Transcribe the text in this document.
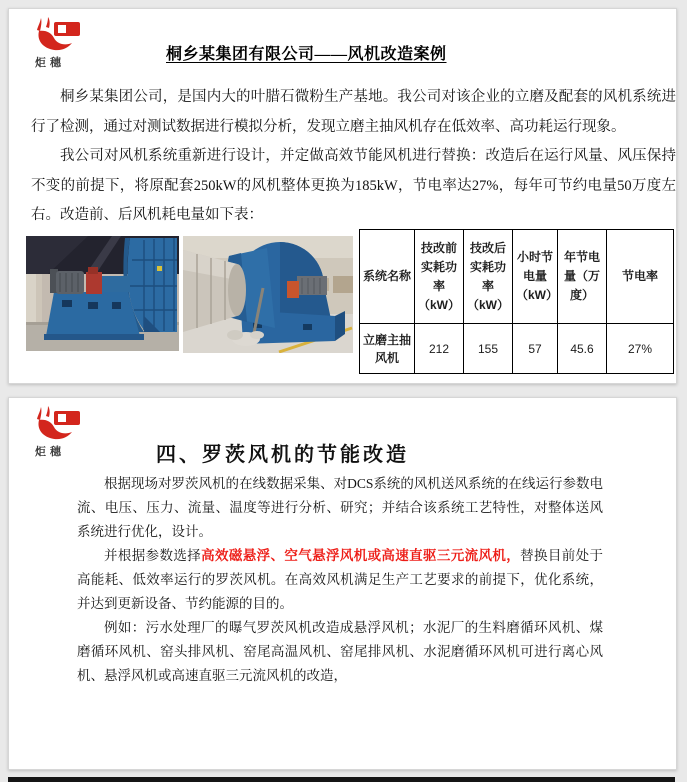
炬穗	桐乡某集团有限公司——风机改造案例

桐乡某集团公司，是国内大的叶腊石微粉生产基地。我公司对该企业的立磨及配套的风机系统进行了检测，通过对测试数据进行模拟分析，发现立磨主抽风机存在低效率、高功耗运行现象。

我公司对风机系统重新进行设计，并定做高效节能风机进行替换：改造后在运行风量、风压保持不变的前提下，将原配套250kW的风机整体更换为185kW，节电率达27%，每年可节约电量50万度左右。改造前、后风机耗电量如下表：

系统名称	技改前实耗功率（kW）	技改后实耗功率（kW）	小时节电量（kW）	年节电量（万度）	节电率
立磨主抽风机	212	155	57	45.6	27%
炬穗	四、罗茨风机的节能改造

根据现场对罗茨风机的在线数据采集、对DCS系统的风机送风系统的在线运行参数电流、电压、压力、流量、温度等进行分析、研究；并结合该系统工艺特性，对整体送风系统进行优化，设计。

并根据参数选择高效磁悬浮、空气悬浮风机或高速直驱三元流风机，替换目前处于高能耗、低效率运行的罗茨风机。在高效风机满足生产工艺要求的前提下，优化系统，并达到更新设备、节约能源的目的。

例如：污水处理厂的曝气罗茨风机改造成悬浮风机；水泥厂的生料磨循环风机、煤磨循环风机、窑头排风机、窑尾高温风机、窑尾排风机、水泥磨循环风机可进行离心风机、悬浮风机或高速直驱三元流风机的改造，
